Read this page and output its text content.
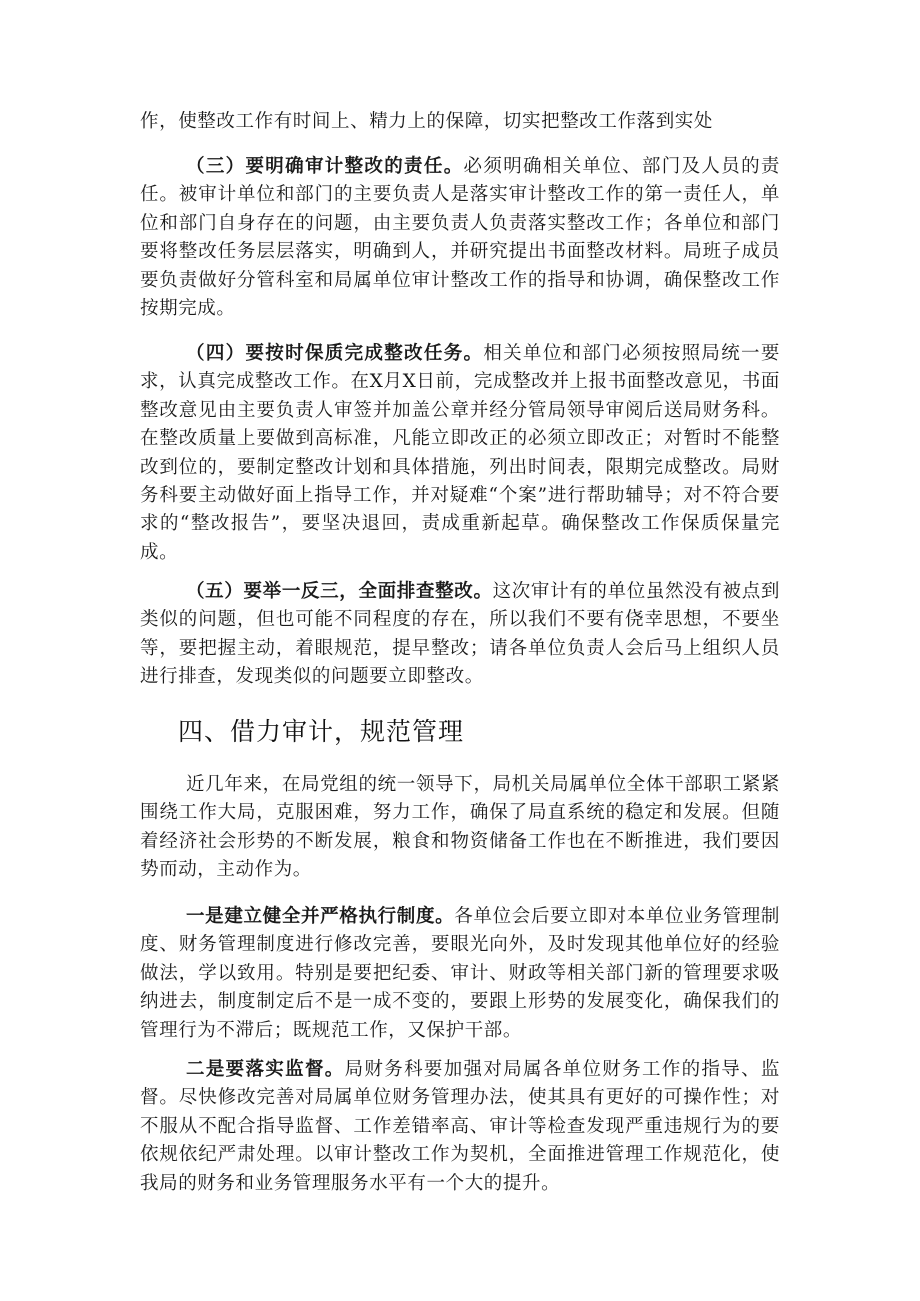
作，使整改工作有时间上、精力上的保障，切实把整改工作落到实处

（三）要明确审计整改的责任。必须明确相关单位、部门及人员的责任。被审计单位和部门的主要负责人是落实审计整改工作的第一责任人，单位和部门自身存在的问题，由主要负责人负责落实整改工作；各单位和部门要将整改任务层层落实，明确到人，并研究提出书面整改材料。局班子成员要负责做好分管科室和局属单位审计整改工作的指导和协调，确保整改工作按期完成。

（四）要按时保质完成整改任务。相关单位和部门必须按照局统一要求，认真完成整改工作。在X月X日前，完成整改并上报书面整改意见，书面整改意见由主要负责人审签并加盖公章并经分管局领导审阅后送局财务科。在整改质量上要做到高标准，凡能立即改正的必须立即改正；对暂时不能整改到位的，要制定整改计划和具体措施，列出时间表，限期完成整改。局财务科要主动做好面上指导工作，并对疑难“个案”进行帮助辅导；对不符合要求的“整改报告”，要坚决退回，责成重新起草。确保整改工作保质保量完成。

（五）要举一反三，全面排查整改。这次审计有的单位虽然没有被点到类似的问题，但也可能不同程度的存在，所以我们不要有侥幸思想，不要坐等，要把握主动，着眼规范，提早整改；请各单位负责人会后马上组织人员进行排查，发现类似的问题要立即整改。

四、借力审计，规范管理

近几年来，在局党组的统一领导下，局机关局属单位全体干部职工紧紧围绕工作大局，克服困难，努力工作，确保了局直系统的稳定和发展。但随着经济社会形势的不断发展，粮食和物资储备工作也在不断推进，我们要因势而动，主动作为。

一是建立健全并严格执行制度。各单位会后要立即对本单位业务管理制度、财务管理制度进行修改完善，要眼光向外，及时发现其他单位好的经验做法，学以致用。特别是要把纪委、审计、财政等相关部门新的管理要求吸纳进去，制度制定后不是一成不变的，要跟上形势的发展变化，确保我们的管理行为不滞后；既规范工作，又保护干部。

二是要落实监督。局财务科要加强对局属各单位财务工作的指导、监督。尽快修改完善对局属单位财务管理办法，使其具有更好的可操作性；对不服从不配合指导监督、工作差错率高、审计等检查发现严重违规行为的要依规依纪严肃处理。以审计整改工作为契机，全面推进管理工作规范化，使我局的财务和业务管理服务水平有一个大的提升。
